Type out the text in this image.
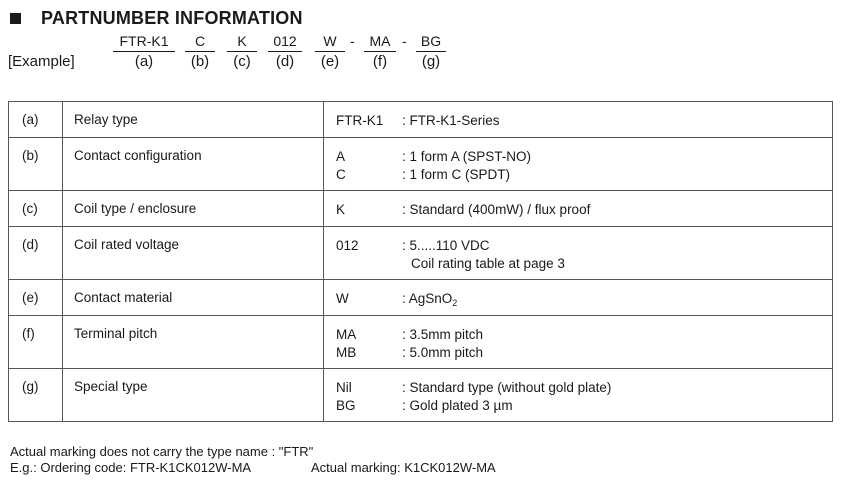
PARTNUMBER INFORMATION
[Example]
FTR-K1
(a)
C
(b)
K
(c)
012
(d)
W
(e)
-	MA
(f)
-	BG
(g)
(a)	Relay type	FTR-K1 : FTR-K1-Series

(b)	Contact configuration	A : 1 form A (SPST-NO)
C : 1 form C (SPDT)

(c)	Coil type / enclosure	K : Standard (400mW) / flux proof

(d)	Coil rated voltage	012 : 5.....110 VDC
Coil rating table at page 3

(e)	Contact material	W : AgSnO$_2$

(f)	Terminal pitch	MA : 3.5mm pitch
MB : 5.0mm pitch

(g)	Special type	Nil : Standard type (without gold plate)
BG : Gold plated 3 µm
Actual marking does not carry the type name : "FTR"
E.g.: Ordering code: FTR-K1CK012W-MA	Actual marking: K1CK012W-MA
